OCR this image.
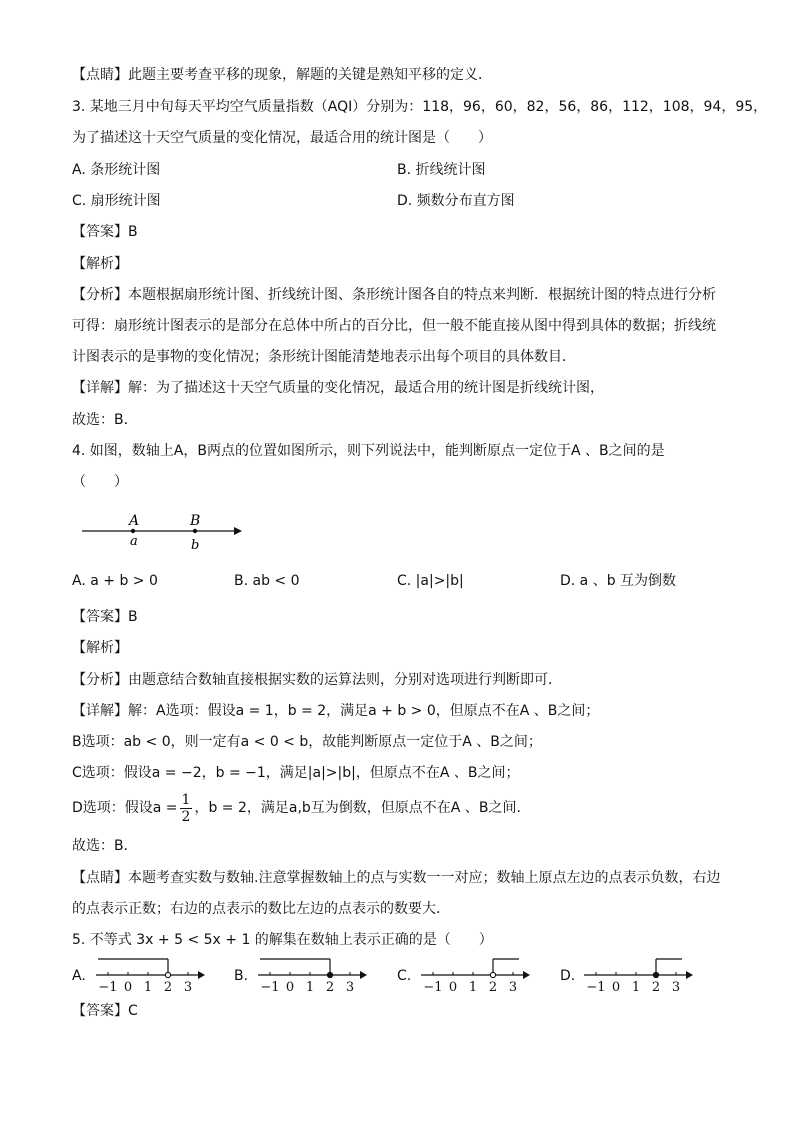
【点睛】此题主要考查平移的现象，解题的关键是熟知平移的定义．
3. 某地三月中旬每天平均空气质量指数（AQI）分别为：118，96，60，82，56，86，112，108，94，95，
为了描述这十天空气质量的变化情况，最适合用的统计图是（　　）
A. 条形统计图	B. 折线统计图
C. 扇形统计图	D. 频数分布直方图
【答案】B
【解析】
【分析】本题根据扇形统计图、折线统计图、条形统计图各自的特点来判断．根据统计图的特点进行分析
可得：扇形统计图表示的是部分在总体中所占的百分比，但一般不能直接从图中得到具体的数据；折线统
计图表示的是事物的变化情况；条形统计图能清楚地表示出每个项目的具体数目．
【详解】解：为了描述这十天空气质量的变化情况，最适合用的统计图是折线统计图，
故选：B．
4. 如图，数轴上A，B两点的位置如图所示，则下列说法中，能判断原点一定位于A 、B之间的是
（　　）
A	B
a	b
A. a + b > 0	B. ab < 0	C. |a|>|b|	D. a 、b 互为倒数
【答案】B
【解析】
【分析】由题意结合数轴直接根据实数的运算法则，分别对选项进行判断即可．
【详解】解：A选项：假设a = 1，b = 2，满足a + b > 0，但原点不在A 、B之间；
B选项：ab < 0，则一定有a < 0 < b，故能判断原点一定位于A 、B之间；
C选项：假设a = −2，b = −1，满足|a|>|b|，但原点不在A 、B之间；
D选项：假设$a = \frac{1}{2}$ ，b = 2，满足a,b互为倒数，但原点不在A 、B之间.
故选：B．
【点睛】本题考查实数与数轴.注意掌握数轴上的点与实数一一对应；数轴上原点左边的点表示负数，右边
的点表示正数；右边的点表示的数比左边的点表示的数要大．
5. 不等式 3x + 5 < 5x + 1 的解集在数轴上表示正确的是（　　）
A.
−1 0 1 2 3
B.
−1 0 1 2 3
C.
−1 0 1 2 3
D.
−1 0 1 2 3
【答案】C
